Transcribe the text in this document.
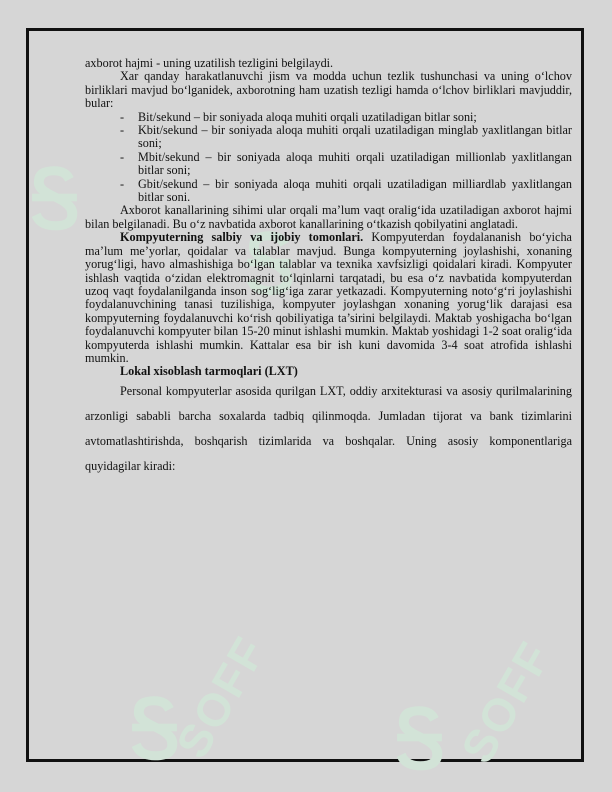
Ꭶ
Ꭶ
Ꭶ	Ꭶ
SOFF	SOFF

axborot hajmi - uning uzatilish tezligini belgilaydi.

Xar qanday harakatlanuvchi jism va modda uchun tezlik tushunchasi va uning o‘lchov birliklari mavjud bo‘lganidek, axborotning ham uzatish tezligi hamda o‘lchov birliklari mavjuddir, bular:

- Bit/sekund – bir soniyada aloqa muhiti orqali uzatiladigan bitlar soni;
- Kbit/sekund – bir soniyada aloqa muhiti orqali uzatiladigan minglab yaxlitlangan bitlar soni;
- Mbit/sekund – bir soniyada aloqa muhiti orqali uzatiladigan millionlab yaxlitlangan bitlar soni;
- Gbit/sekund – bir soniyada aloqa muhiti orqali uzatiladigan milliardlab yaxlitlangan bitlar soni.

Axborot kanallarining sihimi ular orqali ma’lum vaqt oralig‘ida uzatiladigan axborot hajmi bilan belgilanadi. Bu o‘z navbatida axborot kanallarining o‘tkazish qobilyatini anglatadi.

Kompyuterning salbiy va ijobiy tomonlari. Kompyuterdan foydalananish bo‘yicha ma’lum me’yorlar, qoidalar va talablar mavjud. Bunga kompyuterning joylashishi, xonaning yorug‘ligi, havo almashishiga bo‘lgan talablar va texnika xavfsizligi qoidalari kiradi. Kompyuter ishlash vaqtida o‘zidan elektromagnit to‘lqinlarni tarqatadi, bu esa o‘z navbatida kompyuterdan uzoq vaqt foydalanilganda inson sog‘lig‘iga zarar yetkazadi. Kompyuterning noto‘g‘ri joylashishi foydalanuvchining tanasi tuzilishiga, kompyuter joylashgan xonaning yorug‘lik darajasi esa kompyuterning foydalanuvchi ko‘rish qobiliyatiga ta’sirini belgilaydi. Maktab yoshigacha bo‘lgan foydalanuvchi kompyuter bilan 15-20 minut ishlashi mumkin. Maktab yoshidagi 1-2 soat oralig‘ida kompyuterda ishlashi mumkin. Kattalar esa bir ish kuni davomida 3-4 soat atrofida ishlashi mumkin.

Lokal xisoblash tarmoqlari (LXT)

Personal kompyuterlar asosida qurilgan LXT, oddiy arxitekturasi va asosiy qurilmalarining arzonligi sababli barcha soxalarda tadbiq qilinmoqda. Jumladan tijorat va bank tizimlarini avtomatlashtirishda, boshqarish tizimlarida va boshqalar. Uning asosiy komponentlariga quyidagilar kiradi:
